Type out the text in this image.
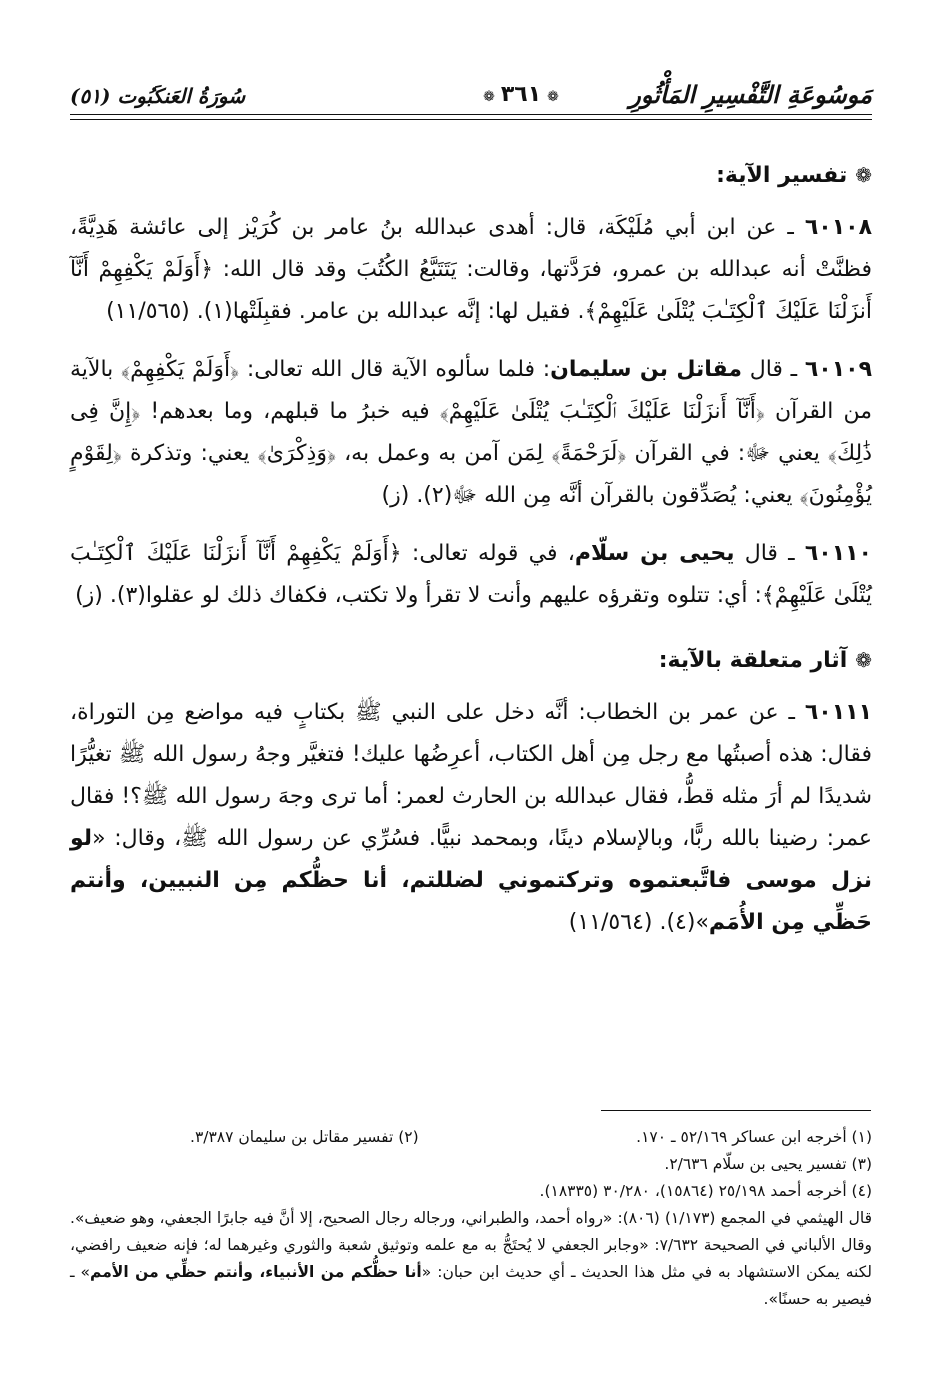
مَوسُوعَةِ التَّفْسِيرِ المَأْثُورِ
❁٣٦١❁
سُورَةُ العَنكَبُوت (٥١)
❁تفسير الآية:

٦٠١٠٨ ـ عن ابن أبي مُلَيْكَة، قال: أهدى عبدالله بنُ عامر بن كُرَيْز إلى عائشة هَدِيَّةً، فظنَّتْ أنه عبدالله بن عمرو، فرَدَّتها، وقالت: يَتَتَبَّعُ الكُتُبَ وقد قال الله: ﴿أَوَلَمْ يَكْفِهِمْ أَنَّآ أَنزَلْنَا عَلَيْكَ ٱلْكِتَـٰبَ يُتْلَىٰ عَلَيْهِمْ﴾. فقيل لها: إنَّه عبدالله بن عامر. فقبِلَتْها(١). (١١/٥٦٥)

٦٠١٠٩ ـ قال مقاتل بن سليمان: فلما سألوه الآية قال الله تعالى: ﴿أَوَلَمْ يَكْفِهِمْ﴾ بالآية من القرآن ﴿أَنَّآ أَنزَلْنَا عَلَيْكَ ٱلْكِتَـٰبَ يُتْلَىٰ عَلَيْهِمْ﴾ فيه خبرُ ما قبلهم، وما بعدهم! ﴿إِنَّ فِى ذَٰلِكَ﴾ يعني ﷻ: في القرآن ﴿لَرَحْمَةً﴾ لِمَن آمن به وعمل به، ﴿وَذِكْرَىٰ﴾ يعني: وتذكرة ﴿لِقَوْمٍ يُؤْمِنُونَ﴾ يعني: يُصَدِّقون بالقرآن أنَّه مِن الله ﷻ(٢). (ز)

٦٠١١٠ ـ قال يحيى بن سلّام، في قوله تعالى: ﴿أَوَلَمْ يَكْفِهِمْ أَنَّآ أَنزَلْنَا عَلَيْكَ ٱلْكِتَـٰبَ يُتْلَىٰ عَلَيْهِمْ﴾: أي: تتلوه وتقرؤه عليهم وأنت لا تقرأ ولا تكتب، فكفاك ذلك لو عقلوا(٣). (ز)

❁آثار متعلقة بالآية:

٦٠١١١ ـ عن عمر بن الخطاب: أنَّه دخل على النبي ﷺ بكتابٍ فيه مواضع مِن التوراة، فقال: هذه أصبتُها مع رجل مِن أهل الكتاب، أعرِضُها عليك! فتغيَّر وجهُ رسول الله ﷺ تغيُّرًا شديدًا لم أرَ مثله قطُّ، فقال عبدالله بن الحارث لعمر: أما ترى وجهَ رسول الله ﷺ؟! فقال عمر: رضينا بالله ربًّا، وبالإسلام دينًا، وبمحمد نبيًّا. فسُرِّي عن رسول الله ﷺ، وقال: «لو نزل موسى فاتَّبعتموه وتركتموني لضللتم، أنا حظُّكم مِن النبيين، وأنتم حَظِّي مِن الأُمَم»(٤). (١١/٥٦٤)

(١) أخرجه ابن عساكر ٥٢/١٦٩ ـ ١٧٠.
(٢) تفسير مقاتل بن سليمان ٣/٣٨٧.

(٣) تفسير يحيى بن سلّام ٢/٦٣٦.

(٤) أخرجه أحمد ٢٥/١٩٨ (١٥٨٦٤)، ٣٠/٢٨٠ (١٨٣٣٥).

قال الهيثمي في المجمع (١/١٧٣) (٨٠٦): «رواه أحمد، والطبراني، ورجاله رجال الصحيح، إلا أنَّ فيه جابرًا الجعفي، وهو ضعيف». وقال الألباني في الصحيحة ٧/٦٣٢: «وجابر الجعفي لا يُحتَجُّ به مع علمه وتوثيق شعبة والثوري وغيرهما له؛ فإنه ضعيف رافضي، لكنه يمكن الاستشهاد به في مثل هذا الحديث ـ أي حديث ابن حبان: «أنا حظُّكم من الأنبياء، وأنتم حظِّي من الأمم» ـ فيصير به حسنًا».
